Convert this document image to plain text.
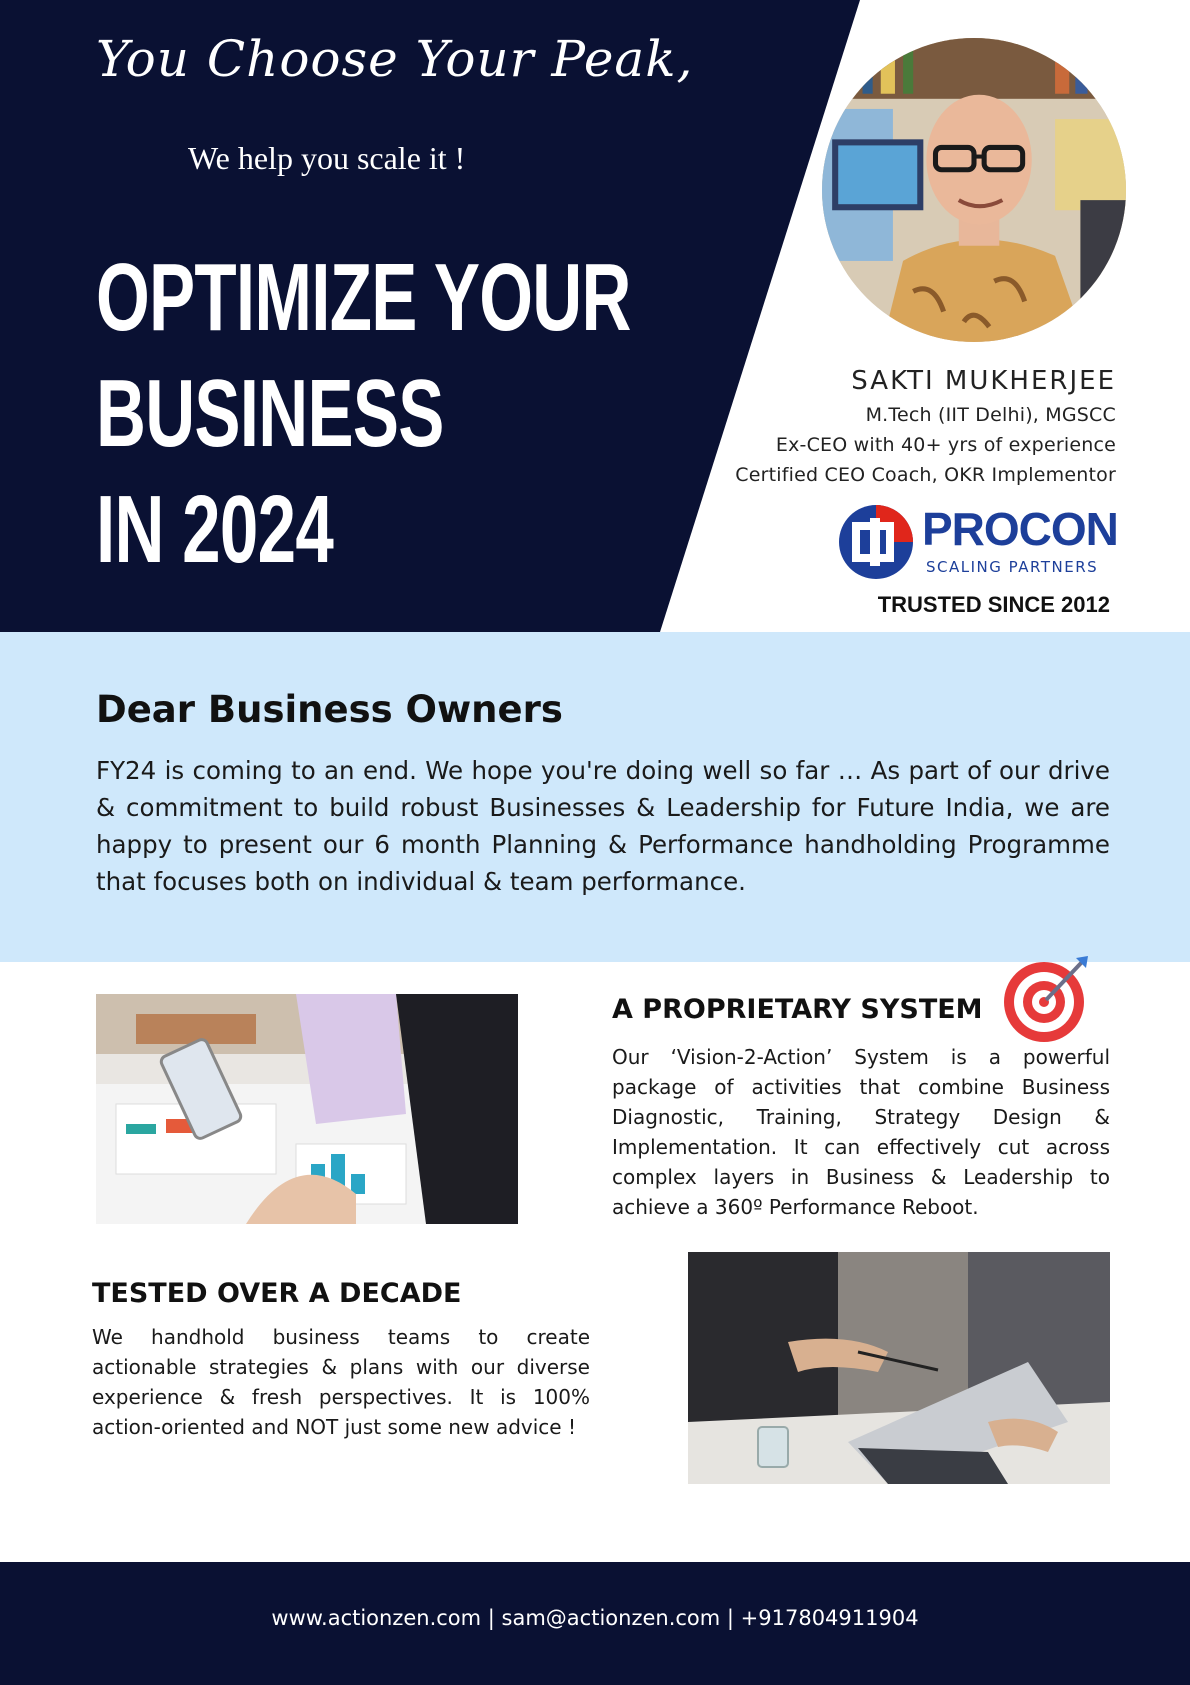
You Choose Your Peak,
We help you scale it !
OPTIMIZE YOUR
BUSINESS
IN 2024
SAKTI MUKHERJEE
M.Tech (IIT Delhi), MGSCC
Ex-CEO with 40+ yrs of experience
Certified CEO Coach, OKR Implementor
PROCON
SCALING PARTNERS
TRUSTED SINCE 2012
Dear Business Owners

FY24 is coming to an end. We hope you're doing well so far … As part of our drive & commitment to build robust Businesses & Leadership for Future India, we are happy to present our 6 month Planning & Performance handholding Programme that focuses both on individual & team performance.

A PROPRIETARY SYSTEM

Our ‘Vision-2-Action’ System is a powerful package of activities that combine Business Diagnostic, Training, Strategy Design & Implementation. It can effectively cut across complex layers in Business & Leadership to achieve a 360º Performance Reboot.

TESTED OVER A DECADE

We handhold business teams to create actionable strategies & plans with our diverse experience & fresh perspectives. It is 100% action-oriented and NOT just some new advice !

www.actionzen.com | sam@actionzen.com | +917804911904
